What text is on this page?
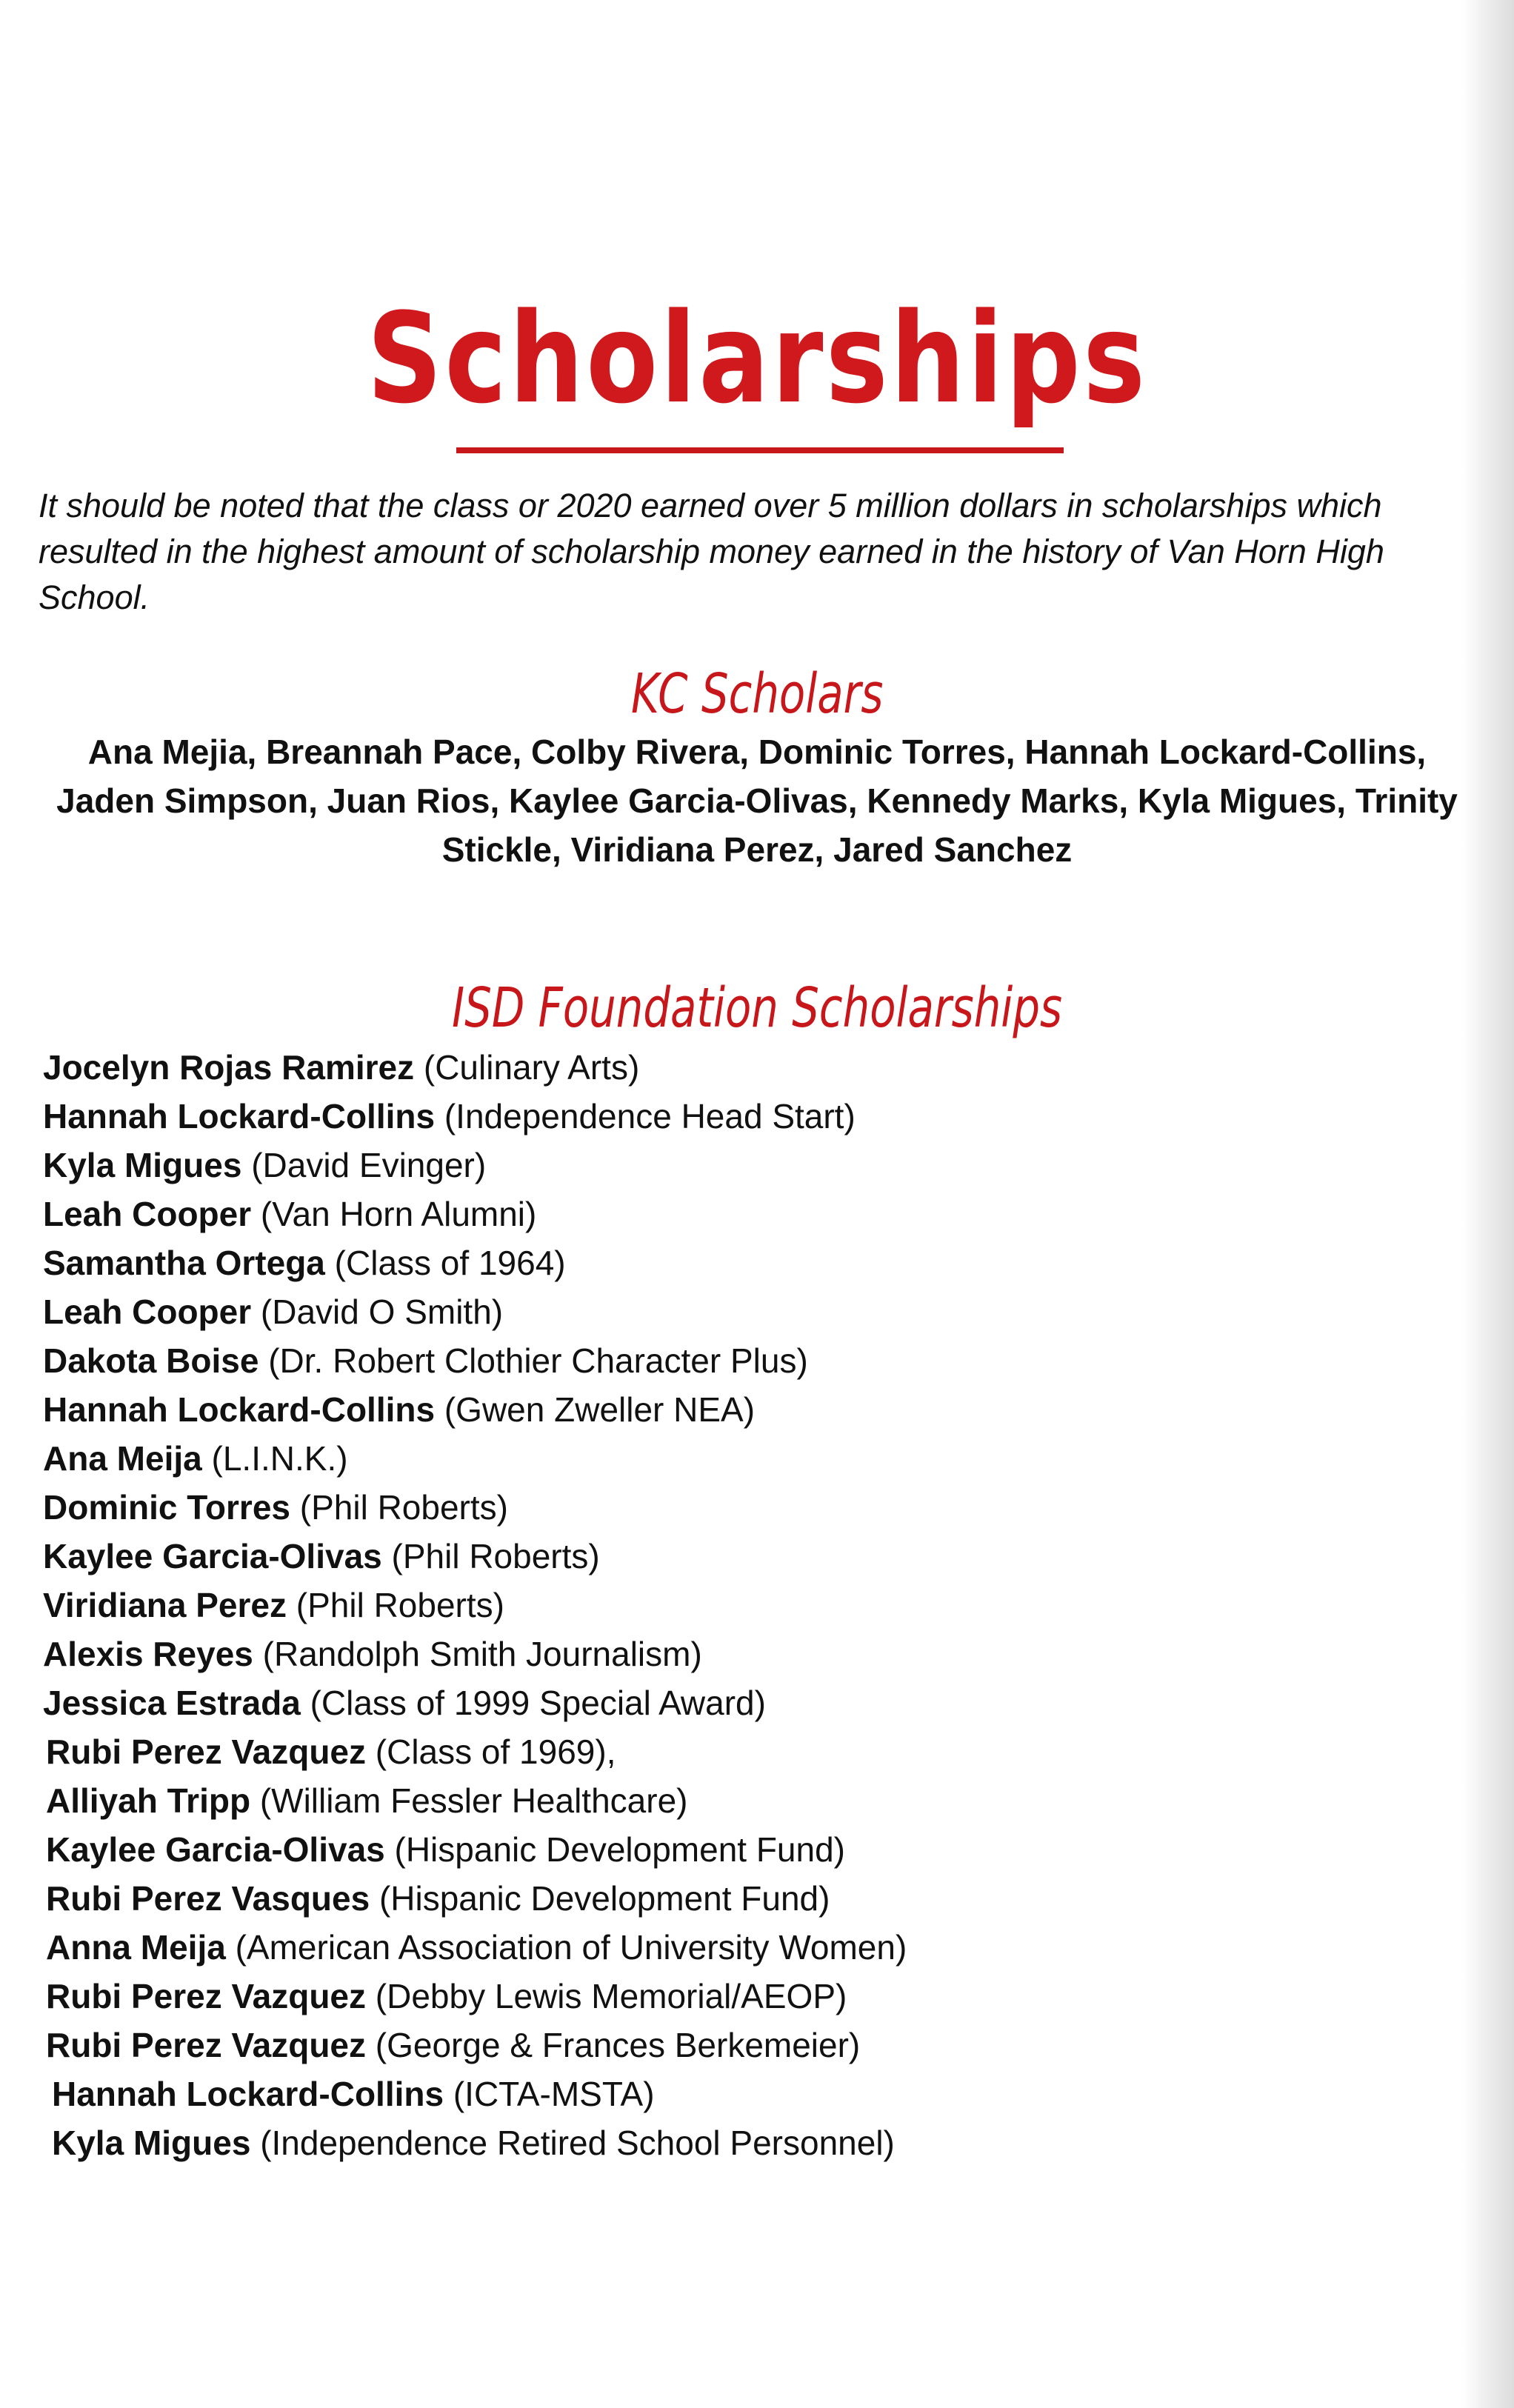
Scholarships

It should be noted that the class or 2020 earned over 5 million dollars in scholarships which resulted in the highest amount of scholarship money earned in the history of Van Horn High School.

KC Scholars

Ana Mejia, Breannah Pace, Colby Rivera, Dominic Torres, Hannah Lockard-Collins, Jaden Simpson, Juan Rios, Kaylee Garcia-Olivas, Kennedy Marks, Kyla Migues, Trinity Stickle, Viridiana Perez, Jared Sanchez

ISD Foundation Scholarships
Jocelyn Rojas Ramirez (Culinary Arts)
Hannah Lockard-Collins (Independence Head Start)
Kyla Migues (David Evinger)
Leah Cooper (Van Horn Alumni)
Samantha Ortega (Class of 1964)
Leah Cooper (David O Smith)
Dakota Boise (Dr. Robert Clothier Character Plus)
Hannah Lockard-Collins (Gwen Zweller NEA)
Ana Meija (L.I.N.K.)
Dominic Torres (Phil Roberts)
Kaylee Garcia-Olivas (Phil Roberts)
Viridiana Perez (Phil Roberts)
Alexis Reyes (Randolph Smith Journalism)
Jessica Estrada (Class of 1999 Special Award)
Rubi Perez Vazquez (Class of 1969),
Alliyah Tripp (William Fessler Healthcare)
Kaylee Garcia-Olivas (Hispanic Development Fund)
Rubi Perez Vasques (Hispanic Development Fund)
Anna Meija (American Association of University Women)
Rubi Perez Vazquez (Debby Lewis Memorial/AEOP)
Rubi Perez Vazquez (George & Frances Berkemeier)
Hannah Lockard-Collins (ICTA-MSTA)
Kyla Migues (Independence Retired School Personnel)
